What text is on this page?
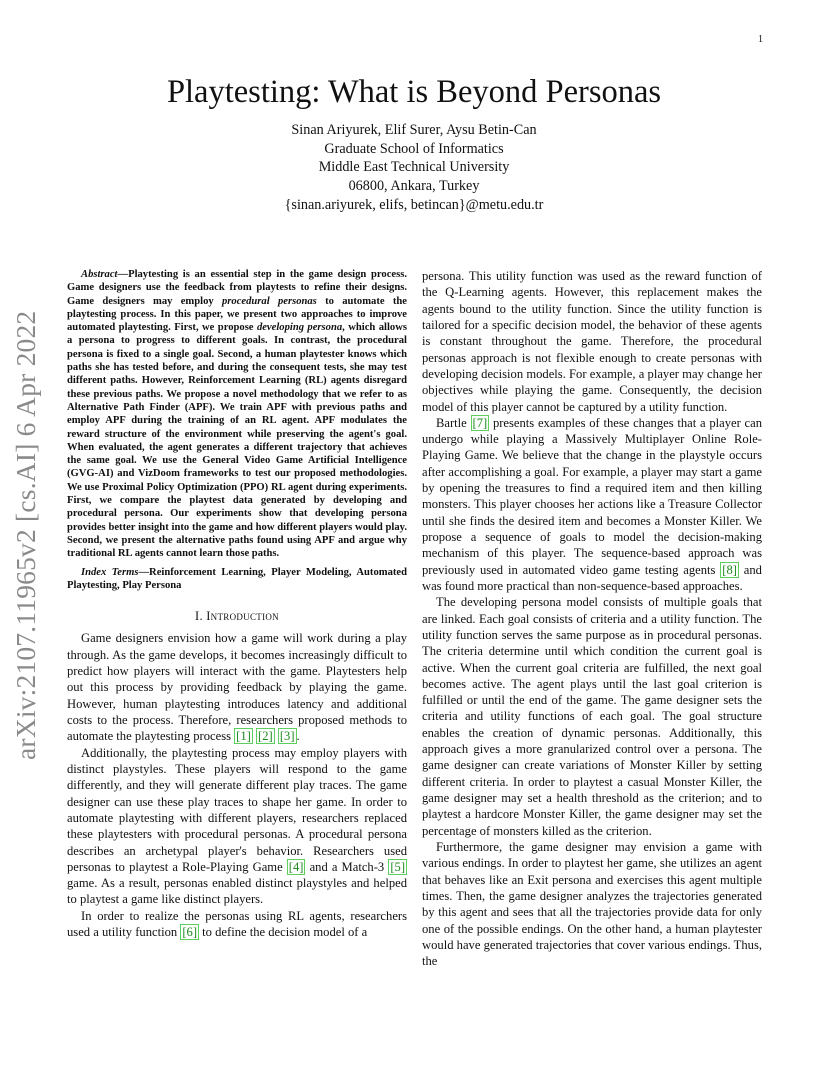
1
arXiv:2107.11965v2 [cs.AI] 6 Apr 2022
Playtesting: What is Beyond Personas
Sinan Ariyurek, Elif Surer, Aysu Betin-Can
Graduate School of Informatics
Middle East Technical University
06800, Ankara, Turkey
{sinan.ariyurek, elifs, betincan}@metu.edu.tr

Abstract—Playtesting is an essential step in the game design process. Game designers use the feedback from playtests to refine their designs. Game designers may employ procedural personas to automate the playtesting process. In this paper, we present two approaches to improve automated playtesting. First, we propose developing persona, which allows a persona to progress to different goals. In contrast, the procedural persona is fixed to a single goal. Second, a human playtester knows which paths she has tested before, and during the consequent tests, she may test different paths. However, Reinforcement Learning (RL) agents disregard these previous paths. We propose a novel methodology that we refer to as Alternative Path Finder (APF). We train APF with previous paths and employ APF during the training of an RL agent. APF modulates the reward structure of the environment while preserving the agent's goal. When evaluated, the agent generates a different trajectory that achieves the same goal. We use the General Video Game Artificial Intelligence (GVG-AI) and VizDoom frameworks to test our proposed methodologies. We use Proximal Policy Optimization (PPO) RL agent during experiments. First, we compare the playtest data generated by developing and procedural persona. Our experiments show that developing persona provides better insight into the game and how different players would play. Second, we present the alternative paths found using APF and argue why traditional RL agents cannot learn those paths.

Index Terms—Reinforcement Learning, Player Modeling, Automated Playtesting, Play Persona

I. Introduction

Game designers envision how a game will work during a play through. As the game develops, it becomes increasingly difficult to predict how players will interact with the game. Playtesters help out this process by providing feedback by playing the game. However, human playtesting introduces latency and additional costs to the process. Therefore, researchers proposed methods to automate the playtesting process [1] [2] [3] .

Additionally, the playtesting process may employ players with distinct playstyles. These players will respond to the game differently, and they will generate different play traces. The game designer can use these play traces to shape her game. In order to automate playtesting with different players, researchers replaced these playtesters with procedural personas. A procedural persona describes an archetypal player's behavior. Researchers used personas to playtest a Role-Playing Game [4] and a Match-3 [5] game. As a result, personas enabled distinct playstyles and helped to playtest a game like distinct players.

In order to realize the personas using RL agents, researchers used a utility function [6] to define the decision model of a

persona. This utility function was used as the reward function of the Q-Learning agents. However, this replacement makes the agents bound to the utility function. Since the utility function is tailored for a specific decision model, the behavior of these agents is constant throughout the game. Therefore, the procedural personas approach is not flexible enough to create personas with developing decision models. For example, a player may change her objectives while playing the game. Consequently, the decision model of this player cannot be captured by a utility function.

Bartle [7] presents examples of these changes that a player can undergo while playing a Massively Multiplayer Online Role-Playing Game. We believe that the change in the playstyle occurs after accomplishing a goal. For example, a player may start a game by opening the treasures to find a required item and then killing monsters. This player chooses her actions like a Treasure Collector until she finds the desired item and becomes a Monster Killer. We propose a sequence of goals to model the decision-making mechanism of this player. The sequence-based approach was previously used in automated video game testing agents [8] and was found more practical than non-sequence-based approaches.

The developing persona model consists of multiple goals that are linked. Each goal consists of criteria and a utility function. The utility function serves the same purpose as in procedural personas. The criteria determine until which condition the current goal is active. When the current goal criteria are fulfilled, the next goal becomes active. The agent plays until the last goal criterion is fulfilled or until the end of the game. The game designer sets the criteria and utility functions of each goal. The goal structure enables the creation of dynamic personas. Additionally, this approach gives a more granularized control over a persona. The game designer can create variations of Monster Killer by setting different criteria. In order to playtest a casual Monster Killer, the game designer may set a health threshold as the criterion; and to playtest a hardcore Monster Killer, the game designer may set the percentage of monsters killed as the criterion.

Furthermore, the game designer may envision a game with various endings. In order to playtest her game, she utilizes an agent that behaves like an Exit persona and exercises this agent multiple times. Then, the game designer analyzes the trajectories generated by this agent and sees that all the trajectories provide data for only one of the possible endings. On the other hand, a human playtester would have generated trajectories that cover various endings. Thus, the
